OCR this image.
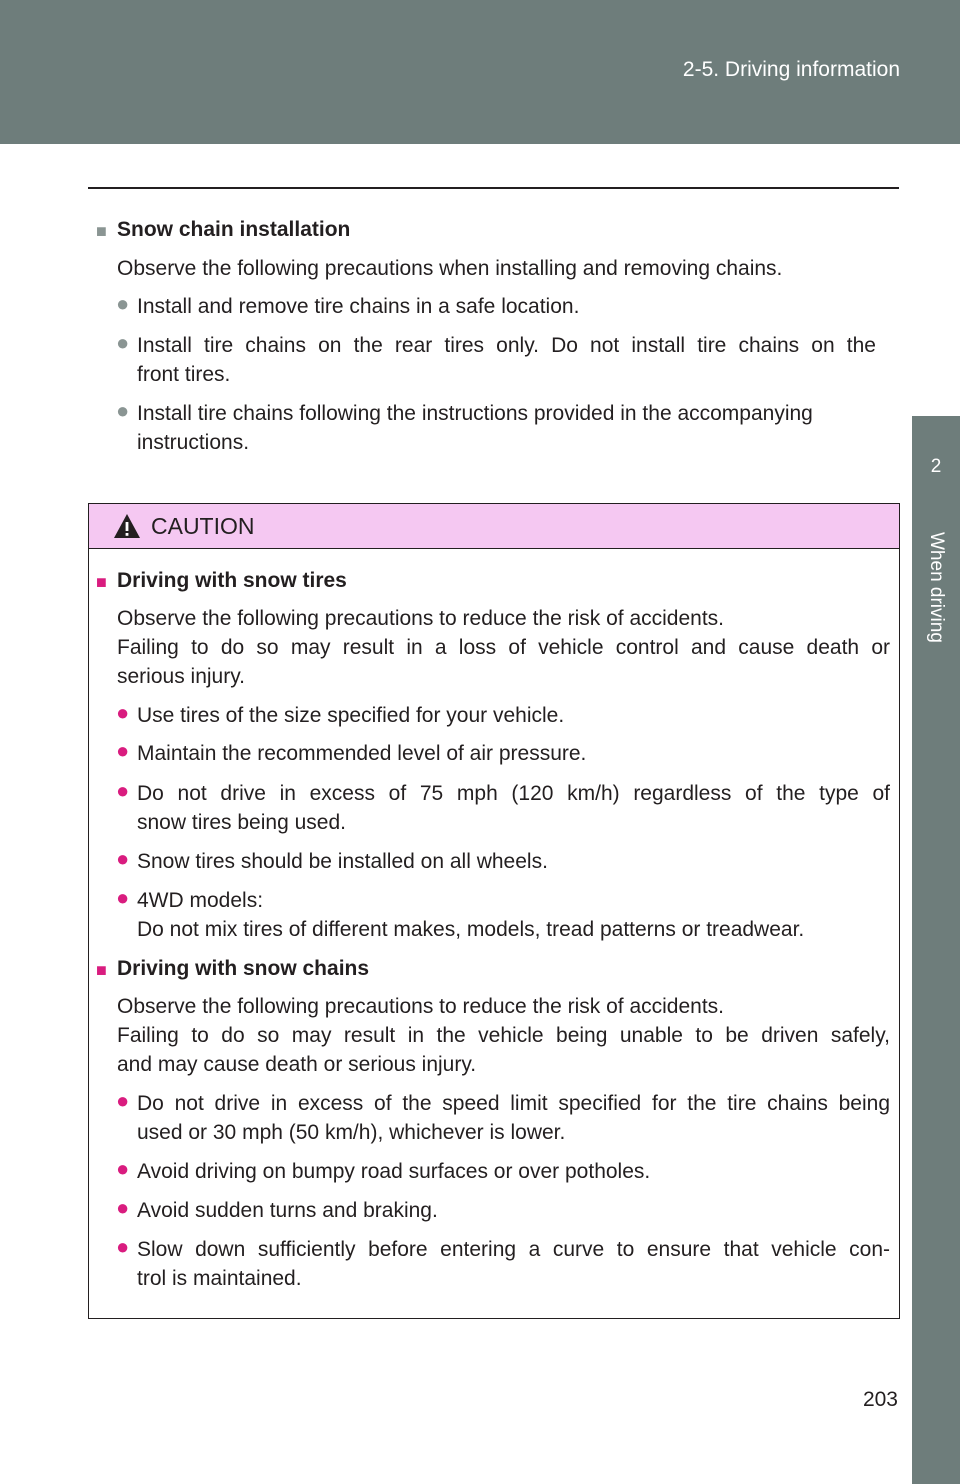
2-5. Driving information
2
When driving
■ Snow chain installation
Observe the following precautions when installing and removing chains.
● Install and remove tire chains in a safe location.
● Install tire chains on the rear tires only. Do not install tire chains on the
front tires.
● Install tire chains following the instructions provided in the accompanying
instructions.
CAUTION
■ Driving with snow tires
Observe the following precautions to reduce the risk of accidents.
Failing to do so may result in a loss of vehicle control and cause death or
serious injury.
● Use tires of the size specified for your vehicle.
● Maintain the recommended level of air pressure.
● Do not drive in excess of 75 mph (120 km/h) regardless of the type of
snow tires being used.
● Snow tires should be installed on all wheels.
● 4WD models:
Do not mix tires of different makes, models, tread patterns or treadwear.
■ Driving with snow chains
Observe the following precautions to reduce the risk of accidents.
Failing to do so may result in the vehicle being unable to be driven safely,
and may cause death or serious injury.
● Do not drive in excess of the speed limit specified for the tire chains being
used or 30 mph (50 km/h), whichever is lower.
● Avoid driving on bumpy road surfaces or over potholes.
● Avoid sudden turns and braking.
● Slow down sufficiently before entering a curve to ensure that vehicle con-
trol is maintained.
203
